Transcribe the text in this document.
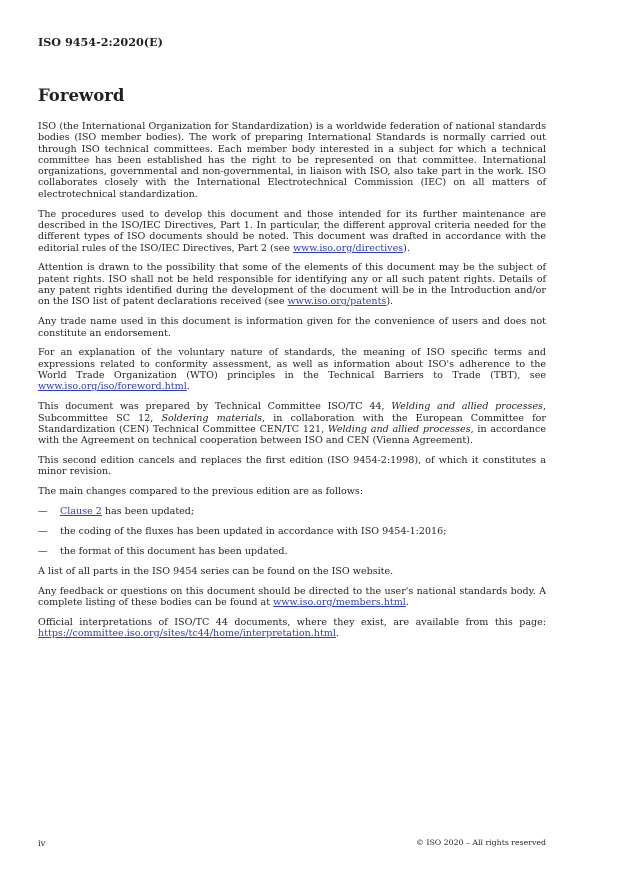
ISO 9454-2:2020(E)
Foreword

ISO (the International Organization for Standardization) is a worldwide federation of national standards bodies (ISO member bodies). The work of preparing International Standards is normally carried out through ISO technical committees. Each member body interested in a subject for which a technical committee has been established has the right to be represented on that committee. International organizations, governmental and non-governmental, in liaison with ISO, also take part in the work. ISO collaborates closely with the International Electrotechnical Commission (IEC) on all matters of electrotechnical standardization.

The procedures used to develop this document and those intended for its further maintenance are described in the ISO/IEC Directives, Part 1. In particular, the different approval criteria needed for the different types of ISO documents should be noted. This document was drafted in accordance with the editorial rules of the ISO/IEC Directives, Part 2 (see www.iso.org/directives).

Attention is drawn to the possibility that some of the elements of this document may be the subject of patent rights. ISO shall not be held responsible for identifying any or all such patent rights. Details of any patent rights identified during the development of the document will be in the Introduction and/or on the ISO list of patent declarations received (see www.iso.org/patents).

Any trade name used in this document is information given for the convenience of users and does not constitute an endorsement.

For an explanation of the voluntary nature of standards, the meaning of ISO specific terms and expressions related to conformity assessment, as well as information about ISO's adherence to the World Trade Organization (WTO) principles in the Technical Barriers to Trade (TBT), see www.iso.org/iso/foreword.html.

This document was prepared by Technical Committee ISO/TC 44, Welding and allied processes, Subcommittee SC 12, Soldering materials, in collaboration with the European Committee for Standardization (CEN) Technical Committee CEN/TC 121, Welding and allied processes, in accordance with the Agreement on technical cooperation between ISO and CEN (Vienna Agreement).

This second edition cancels and replaces the first edition (ISO 9454-2:1998), of which it constitutes a minor revision.

The main changes compared to the previous edition are as follows:

— Clause 2 has been updated;
— the coding of the fluxes has been updated in accordance with ISO 9454-1:2016;
— the format of this document has been updated.

A list of all parts in the ISO 9454 series can be found on the ISO website.

Any feedback or questions on this document should be directed to the user's national standards body. A complete listing of these bodies can be found at www.iso.org/members.html.

Official interpretations of ISO/TC 44 documents, where they exist, are available from this page: https://committee.iso.org/sites/tc44/home/interpretation.html.

iv	© ISO 2020 – All rights reserved
